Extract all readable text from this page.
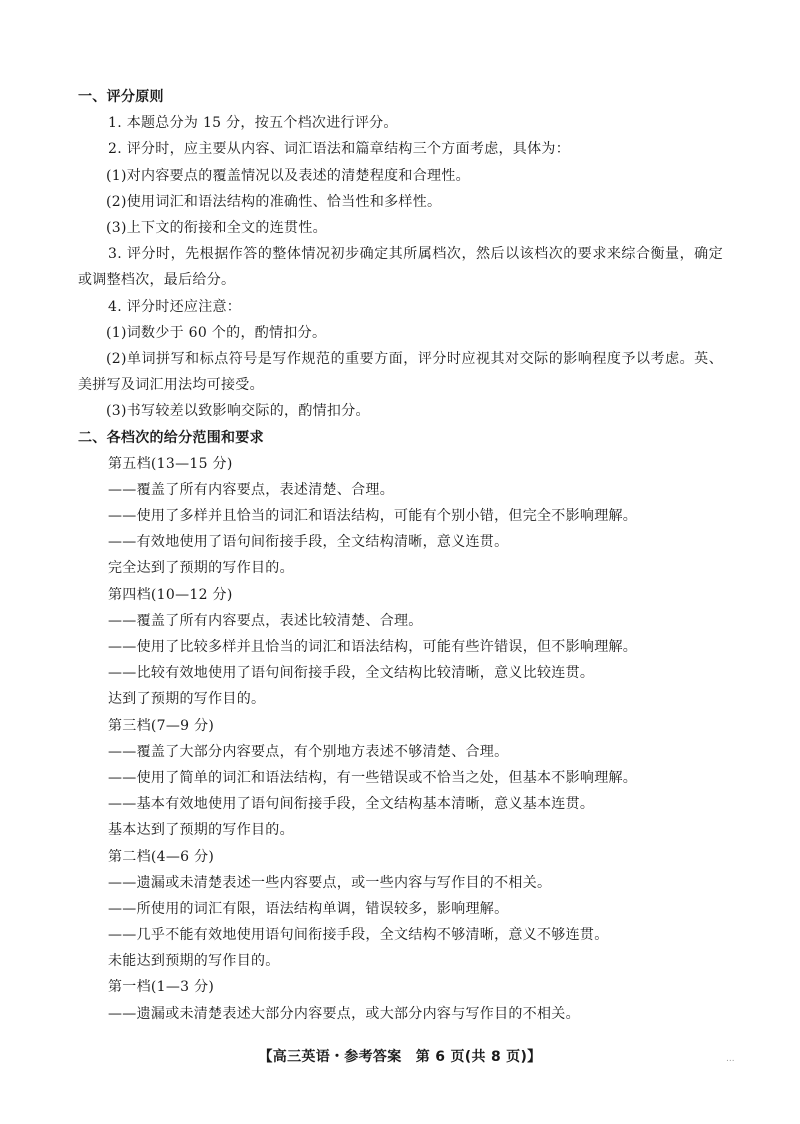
一、评分原则
1. 本题总分为 15 分，按五个档次进行评分。
2. 评分时，应主要从内容、词汇语法和篇章结构三个方面考虑，具体为：
(1)对内容要点的覆盖情况以及表述的清楚程度和合理性。
(2)使用词汇和语法结构的准确性、恰当性和多样性。
(3)上下文的衔接和全文的连贯性。
3. 评分时，先根据作答的整体情况初步确定其所属档次，然后以该档次的要求来综合衡量，确定或调整档次，最后给分。
4. 评分时还应注意：
(1)词数少于 60 个的，酌情扣分。
(2)单词拼写和标点符号是写作规范的重要方面，评分时应视其对交际的影响程度予以考虑。英、美拼写及词汇用法均可接受。
(3)书写较差以致影响交际的，酌情扣分。
二、各档次的给分范围和要求
第五档(13—15 分)
——覆盖了所有内容要点，表述清楚、合理。
——使用了多样并且恰当的词汇和语法结构，可能有个别小错，但完全不影响理解。
——有效地使用了语句间衔接手段，全文结构清晰，意义连贯。
完全达到了预期的写作目的。
第四档(10—12 分)
——覆盖了所有内容要点，表述比较清楚、合理。
——使用了比较多样并且恰当的词汇和语法结构，可能有些许错误，但不影响理解。
——比较有效地使用了语句间衔接手段，全文结构比较清晰，意义比较连贯。
达到了预期的写作目的。
第三档(7—9 分)
——覆盖了大部分内容要点，有个别地方表述不够清楚、合理。
——使用了简单的词汇和语法结构，有一些错误或不恰当之处，但基本不影响理解。
——基本有效地使用了语句间衔接手段，全文结构基本清晰，意义基本连贯。
基本达到了预期的写作目的。
第二档(4—6 分)
——遗漏或未清楚表述一些内容要点，或一些内容与写作目的不相关。
——所使用的词汇有限，语法结构单调，错误较多，影响理解。
——几乎不能有效地使用语句间衔接手段，全文结构不够清晰，意义不够连贯。
未能达到预期的写作目的。
第一档(1—3 分)
——遗漏或未清楚表述大部分内容要点，或大部分内容与写作目的不相关。
【高三英语・参考答案　第 6 页(共 8 页)】	...
